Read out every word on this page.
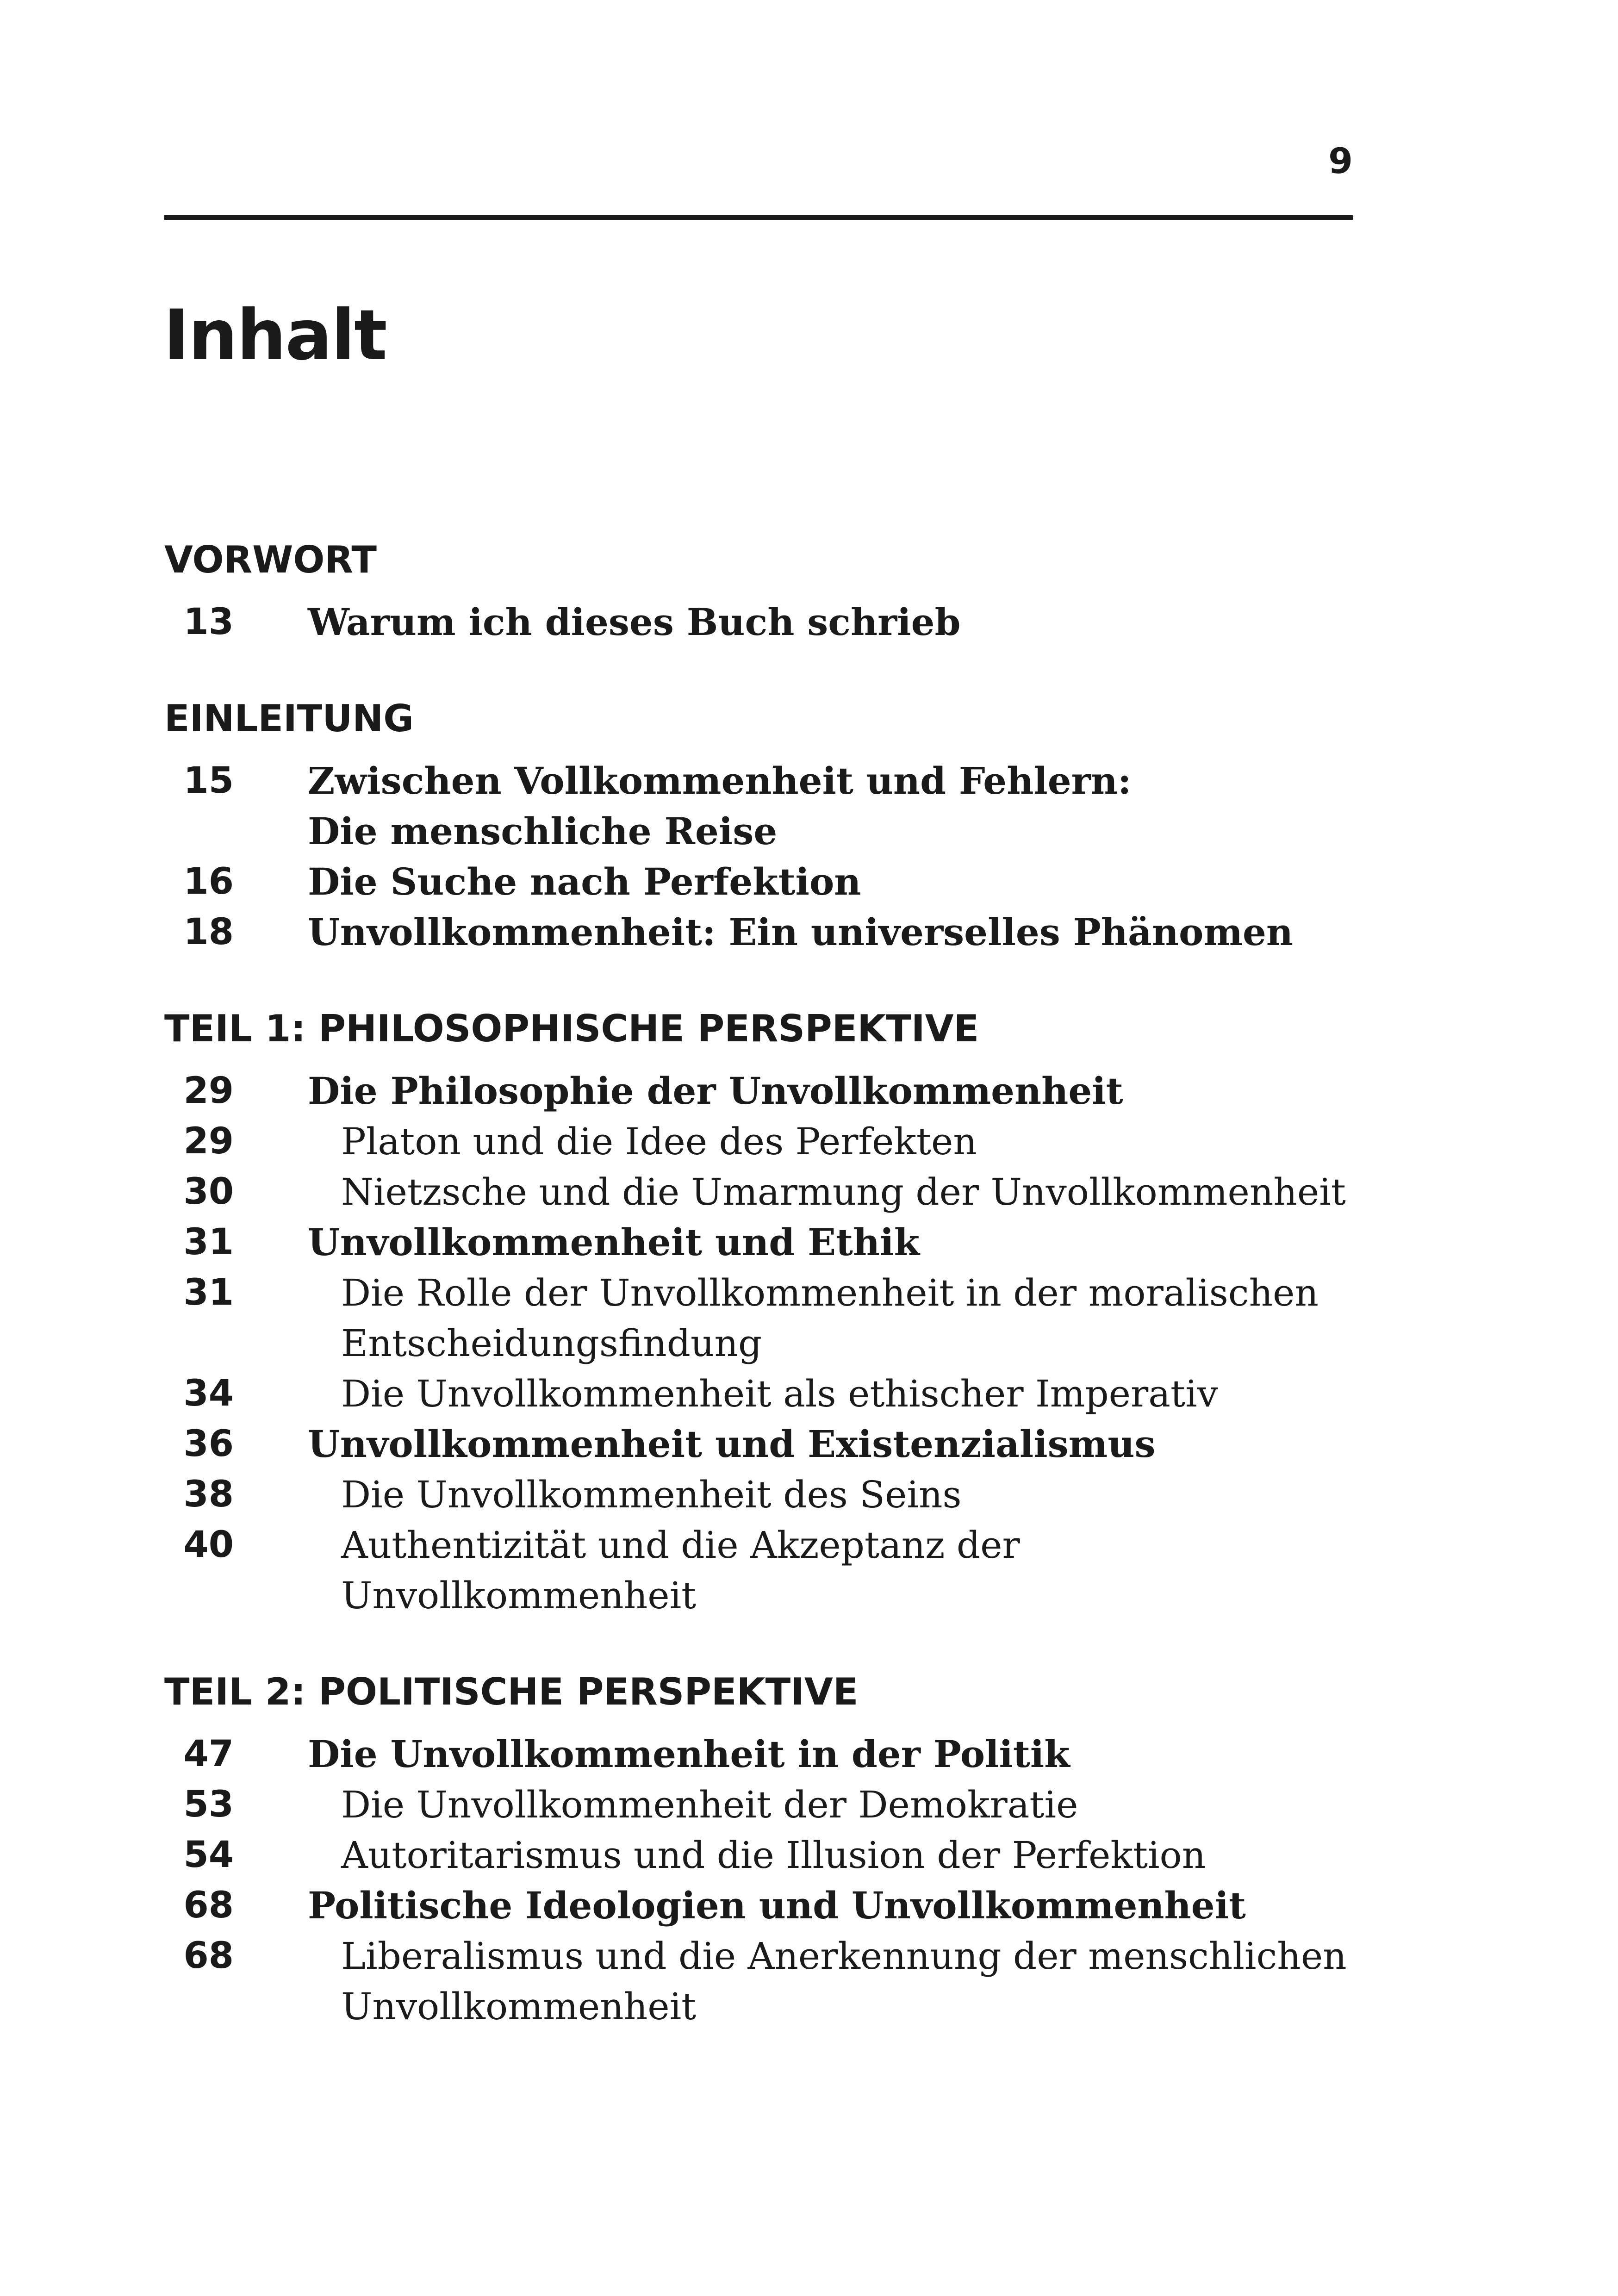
9
Inhalt
VORWORT
13 Warum ich dieses Buch schrieb
EINLEITUNG
15 Zwischen Vollkommenheit und Fehlern:
Die menschliche Reise
16 Die Suche nach Perfektion
18 Unvollkommenheit: Ein universelles Phänomen
TEIL 1: PHILOSOPHISCHE PERSPEKTIVE
29 Die Philosophie der Unvollkommenheit
29	Platon und die Idee des Perfekten
30	Nietzsche und die Umarmung der Unvollkommenheit
31 Unvollkommenheit und Ethik
31	Die Rolle der Unvollkommenheit in der moralischen
Entscheidungsfindung
34	Die Unvollkommenheit als ethischer Imperativ
36 Unvollkommenheit und Existenzialismus
38	Die Unvollkommenheit des Seins
40	Authentizität und die Akzeptanz der Unvollkommenheit
TEIL 2: POLITISCHE PERSPEKTIVE
47 Die Unvollkommenheit in der Politik
53	Die Unvollkommenheit der Demokratie
54	Autoritarismus und die Illusion der Perfektion
68 Politische Ideologien und Unvollkommenheit
68	Liberalismus und die Anerkennung der menschlichen
Unvollkommenheit
